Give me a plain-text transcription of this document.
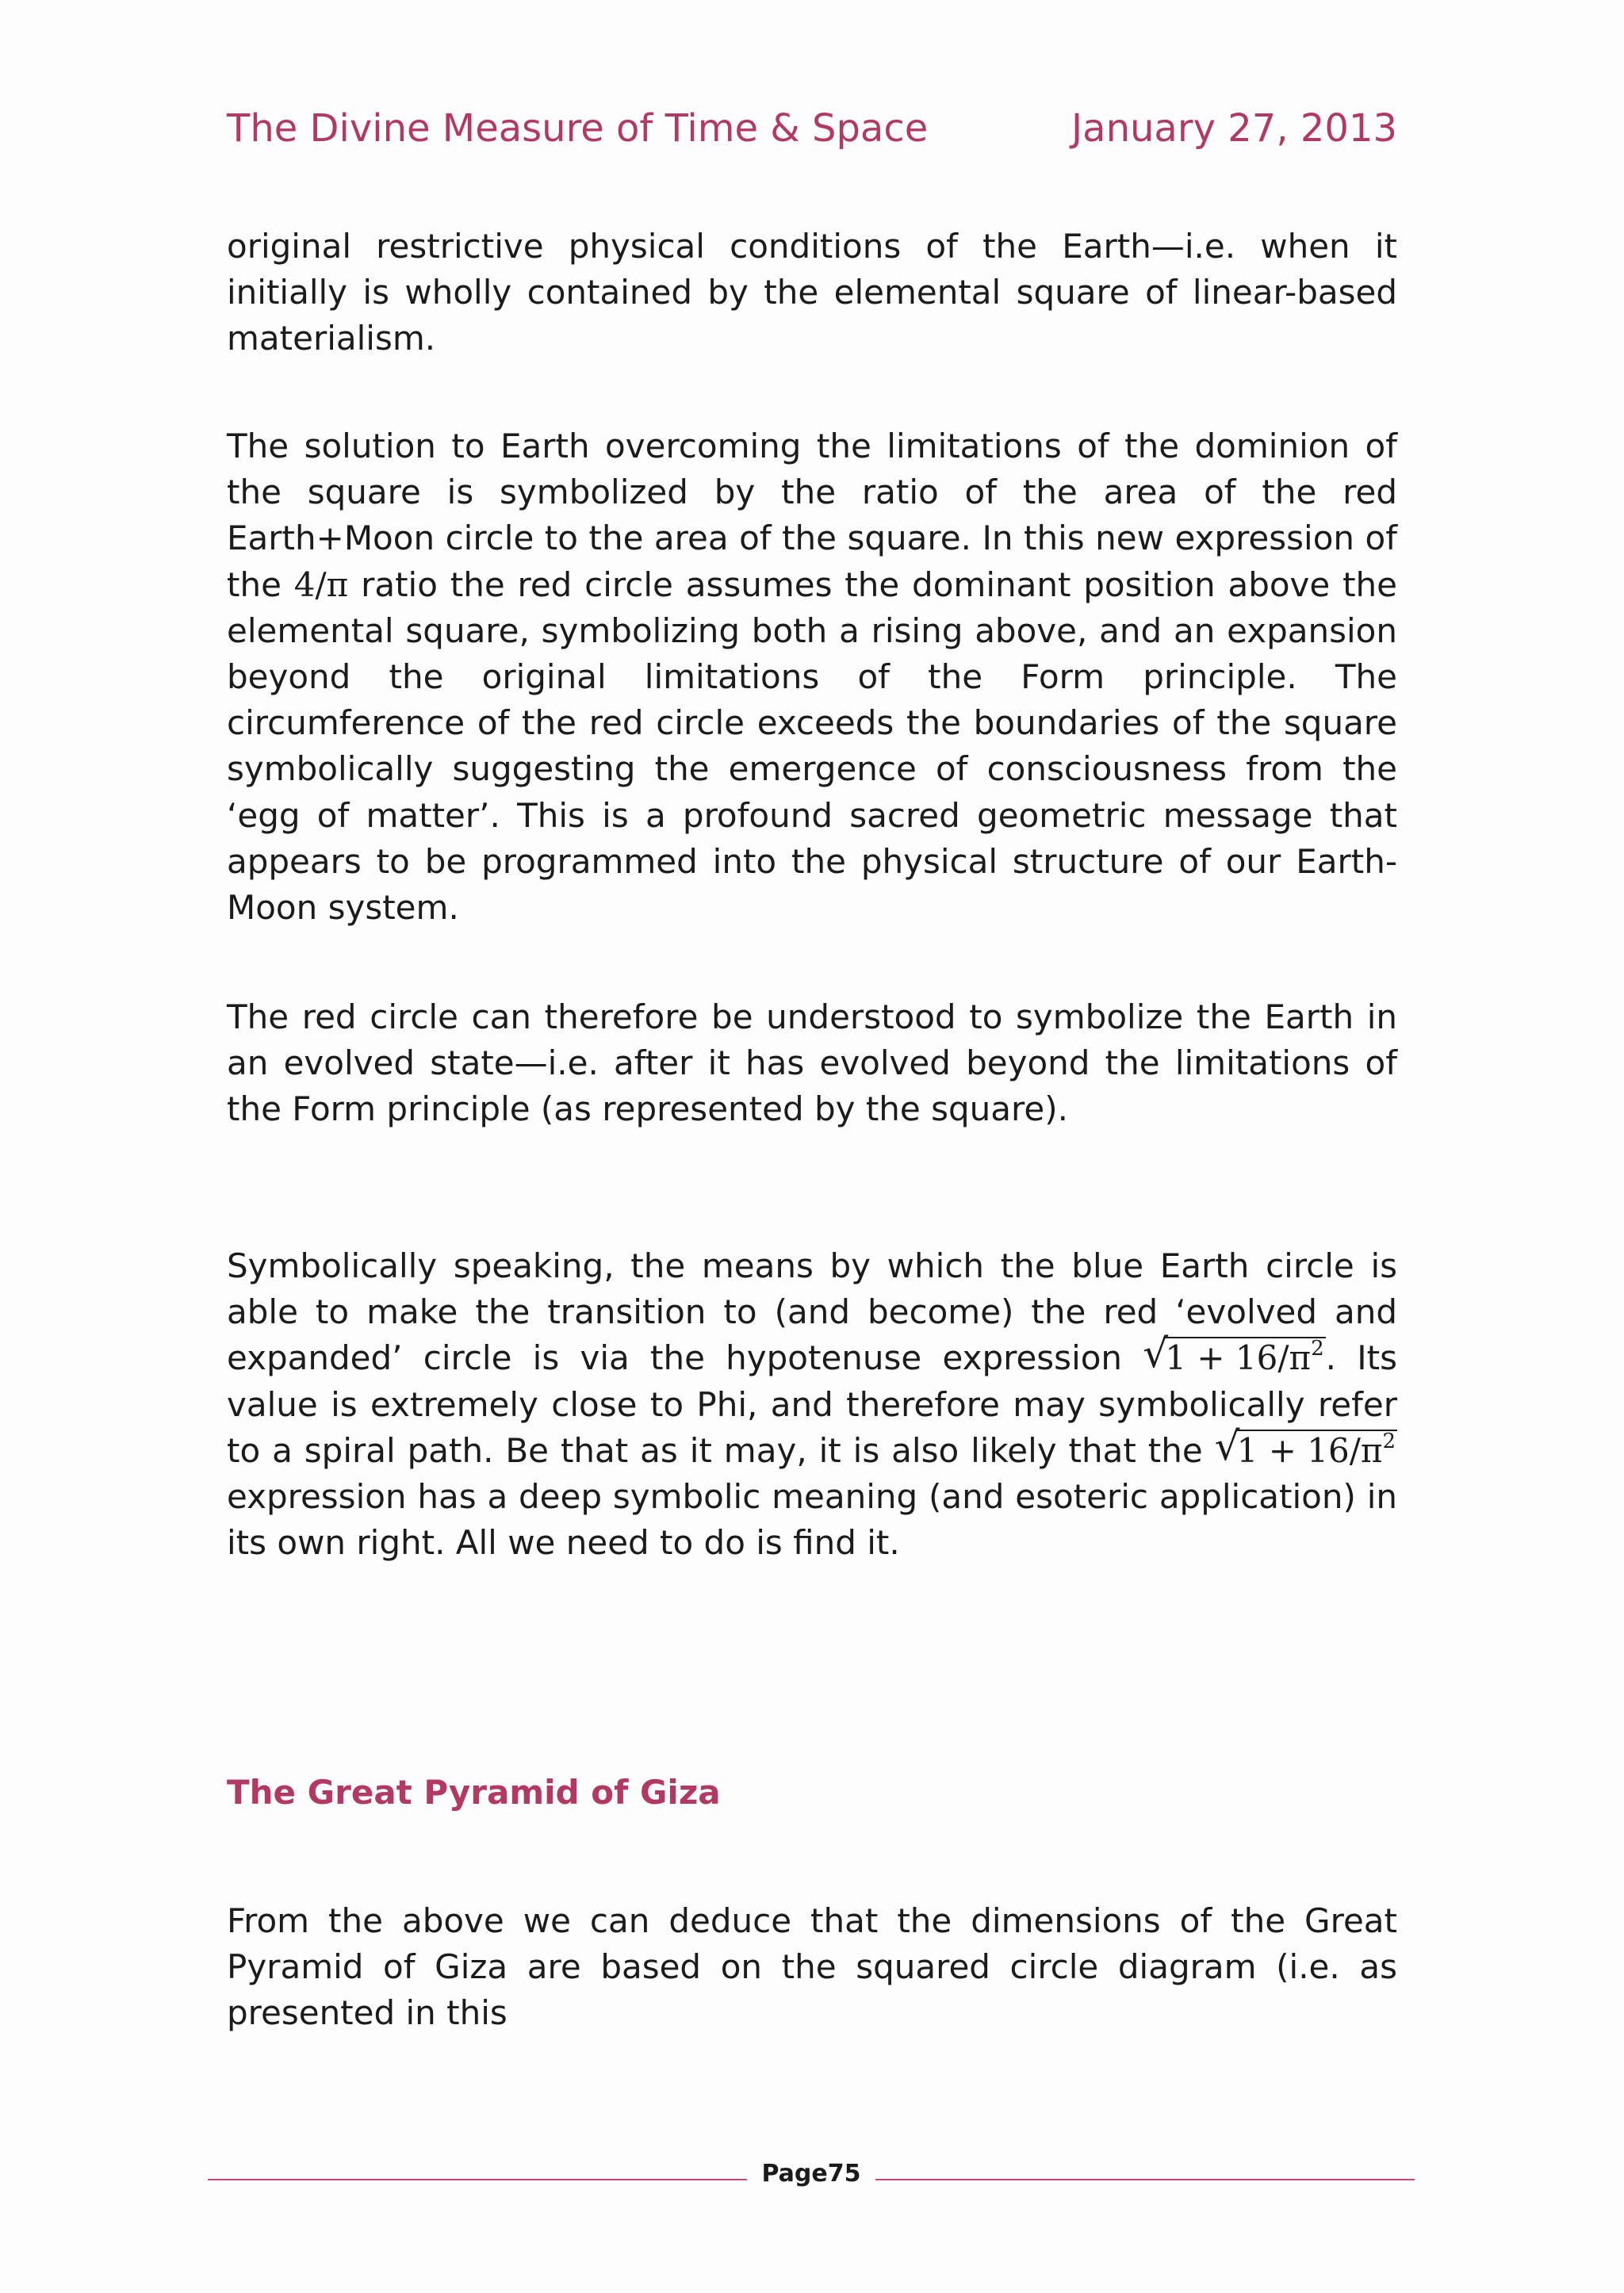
The Divine Measure of Time & Space	January 27, 2013

original restrictive physical conditions of the Earth—i.e. when it initially is wholly contained by the elemental square of linear-based materialism.

The solution to Earth overcoming the limitations of the dominion of the square is symbolized by the ratio of the area of the red Earth+Moon circle to the area of the square. In this new expression of the 4/π ratio the red circle assumes the dominant position above the elemental square, symbolizing both a rising above, and an expansion beyond the original limitations of the Form principle. The circumference of the red circle exceeds the boundaries of the square symbolically suggesting the emergence of consciousness from the ‘egg of matter’. This is a profound sacred geometric message that appears to be programmed into the physical structure of our Earth-Moon system.

The red circle can therefore be understood to symbolize the Earth in an evolved state—i.e. after it has evolved beyond the limitations of the Form principle (as represented by the square).

Symbolically speaking, the means by which the blue Earth circle is able to make the transition to (and become) the red ‘evolved and expanded’ circle is via the hypotenuse expression √
$1 + 16/\pi^2$. Its value is extremely close to Phi, and therefore may symbolically refer to a spiral path. Be that as it may, it is also likely that the √
$1 + 16/\pi^2$ expression has a deep symbolic meaning (and esoteric application) in its own right. All we need to do is find it.

The Great Pyramid of Giza

From the above we can deduce that the dimensions of the Great Pyramid of Giza are based on the squared circle diagram (i.e. as presented in this

Page75
